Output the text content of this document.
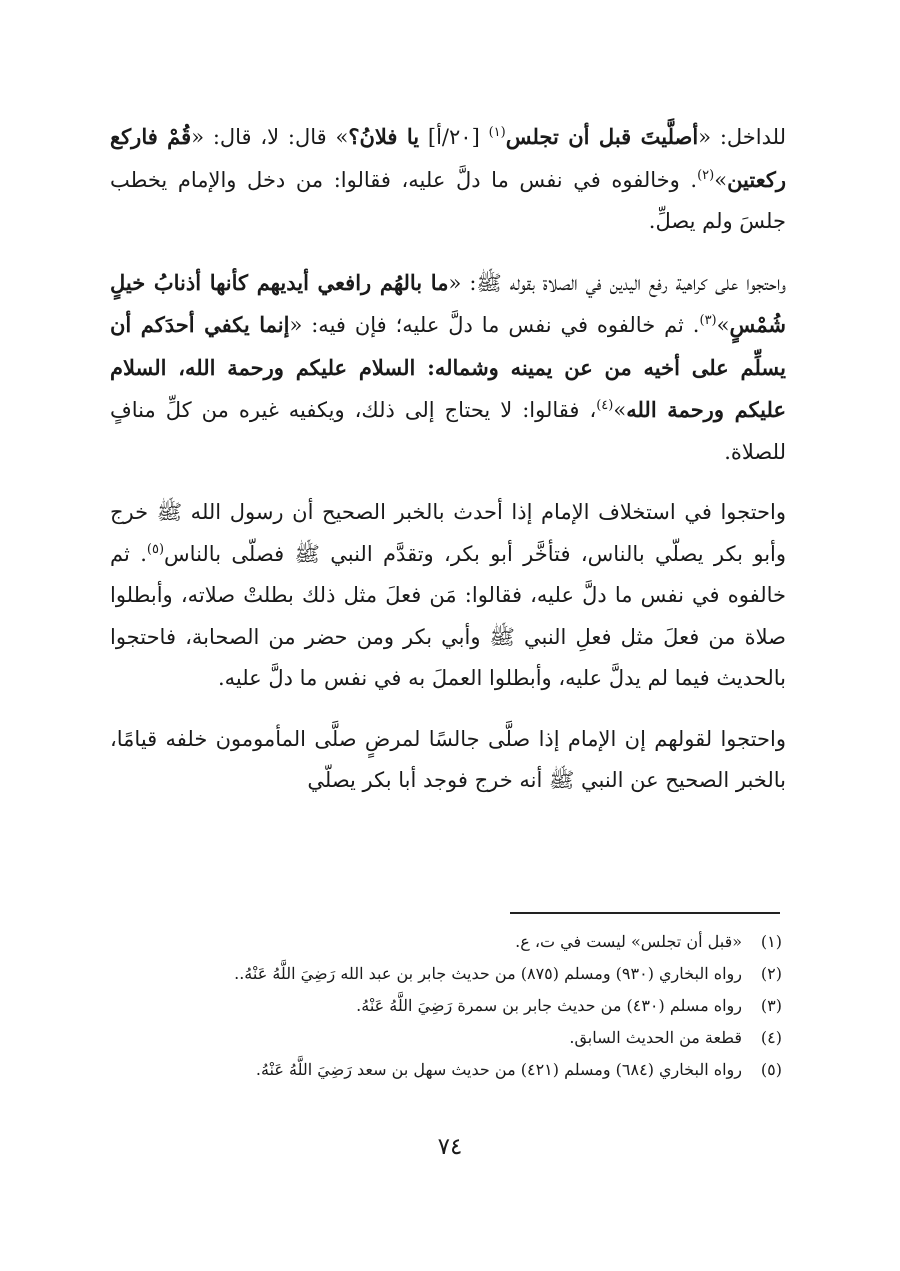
للداخل: «أصلَّيتَ قبل أن تجلس$^{(١)}$ [٢٠/أ] يا فلانُ؟» قال: لا، قال: «قُمْ فاركع ركعتين»$^{(٢)}$. وخالفوه في نفس ما دلَّ عليه، فقالوا: من دخل والإمام يخطب جلسَ ولم يصلِّ.

واحتجوا على كراهية رفع اليدين في الصلاة بقوله ﷺ: «ما بالهُم رافعي أيديهم كأنها أذنابُ خيلٍ شُمْسٍ»$^{(٣)}$. ثم خالفوه في نفس ما دلَّ عليه؛ فإن فيه: «إنما يكفي أحدَكم أن يسلِّم على أخيه من عن يمينه وشماله: السلام عليكم ورحمة الله، السلام عليكم ورحمة الله»$^{(٤)}$، فقالوا: لا يحتاج إلى ذلك، ويكفيه غيره من كلِّ منافٍ للصلاة.

واحتجوا في استخلاف الإمام إذا أحدث بالخبر الصحيح أن رسول الله ﷺ خرج وأبو بكر يصلّي بالناس، فتأخَّر أبو بكر، وتقدَّم النبي ﷺ فصلّى بالناس$^{(٥)}$. ثم خالفوه في نفس ما دلَّ عليه، فقالوا: مَن فعلَ مثل ذلك بطلتْ صلاته، وأبطلوا صلاة من فعلَ مثل فعلِ النبي ﷺ وأبي بكر ومن حضر من الصحابة، فاحتجوا بالحديث فيما لم يدلَّ عليه، وأبطلوا العملَ به في نفس ما دلَّ عليه.

واحتجوا لقولهم إن الإمام إذا صلَّى جالسًا لمرضٍ صلَّى المأمومون خلفه قيامًا، بالخبر الصحيح عن النبي ﷺ أنه خرج فوجد أبا بكر يصلّي

(١)«قبل أن تجلس» ليست في ت، ع.
(٢)رواه البخاري (٩٣٠) ومسلم (٨٧٥) من حديث جابر بن عبد الله رَضِيَ اللَّهُ عَنْهُ..
(٣)رواه مسلم (٤٣٠) من حديث جابر بن سمرة رَضِيَ اللَّهُ عَنْهُ.
(٤)قطعة من الحديث السابق.
(٥)رواه البخاري (٦٨٤) ومسلم (٤٢١) من حديث سهل بن سعد رَضِيَ اللَّهُ عَنْهُ.
٧٤
